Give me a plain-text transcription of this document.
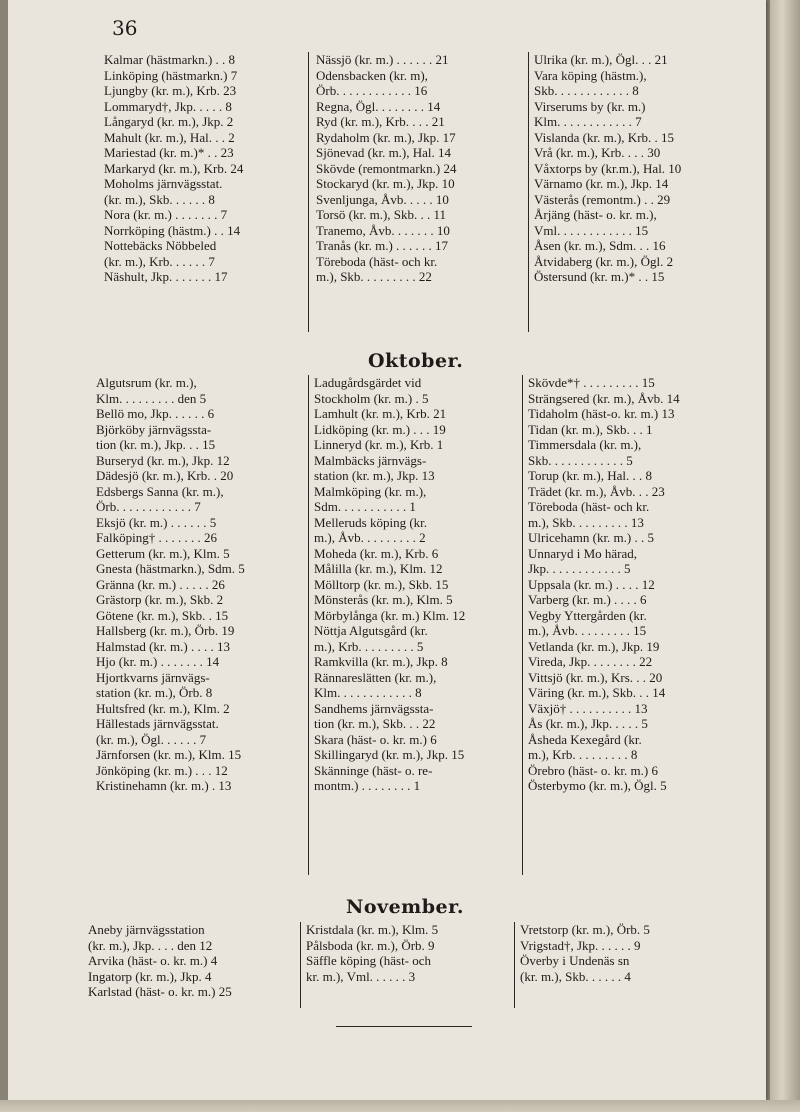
36
Kalmar (hästmarkn.) . . 8
Linköping (hästmarkn.) 7
Ljungby (kr. m.), Krb. 23
Lommaryd†, Jkp. . . . . 8
Långaryd (kr. m.), Jkp. 2
Mahult (kr. m.), Hal. . . 2
Mariestad (kr. m.)* . . 23
Markaryd (kr. m.), Krb. 24
Moholms järnvägsstat.
(kr. m.), Skb. . . . . . 8
Nora (kr. m.) . . . . . . . 7
Norrköping (hästm.) . . 14
Nottebäcks Nöbbeled
(kr. m.), Krb. . . . . . 7
Näshult, Jkp. . . . . . . 17
Nässjö (kr. m.) . . . . . . 21
Odensbacken (kr. m),
Örb. . . . . . . . . . . . 16
Regna, Ögl. . . . . . . . 14
Ryd (kr. m.), Krb. . . . 21
Rydaholm (kr. m.), Jkp. 17
Sjönevad (kr. m.), Hal. 14
Skövde (remontmarkn.) 24
Stockaryd (kr. m.), Jkp. 10
Svenljunga, Åvb. . . . . 10
Torsö (kr. m.), Skb. . . 11
Tranemo, Åvb. . . . . . . 10
Tranås (kr. m.) . . . . . . 17
Töreboda (häst- och kr.
m.), Skb. . . . . . . . . 22
Ulrika (kr. m.), Ögl. . . 21
Vara köping (hästm.),
Skb. . . . . . . . . . . . 8
Virserums by (kr. m.)
Klm. . . . . . . . . . . . 7
Vislanda (kr. m.), Krb. . 15
Vrå (kr. m.), Krb. . . . 30
Våxtorps by (kr.m.), Hal. 10
Värnamo (kr. m.), Jkp. 14
Västerås (remontm.) . . 29
Årjäng (häst- o. kr. m.),
Vml. . . . . . . . . . . . 15
Åsen (kr. m.), Sdm. . . 16
Åtvidaberg (kr. m.), Ögl. 2
Östersund (kr. m.)* . . 15
Oktober.
Algutsrum (kr. m.),
Klm. . . . . . . . . den 5
Bellö mo, Jkp. . . . . . 6
Björköby järnvägssta-
tion (kr. m.), Jkp. . . 15
Burseryd (kr. m.), Jkp. 12
Dädesjö (kr. m.), Krb. . 20
Edsbergs Sanna (kr. m.),
Örb. . . . . . . . . . . . 7
Eksjö (kr. m.) . . . . . . 5
Falköping† . . . . . . . 26
Getterum (kr. m.), Klm. 5
Gnesta (hästmarkn.), Sdm. 5
Gränna (kr. m.) . . . . . 26
Grästorp (kr. m.), Skb. 2
Götene (kr. m.), Skb. . 15
Hallsberg (kr. m.), Örb. 19
Halmstad (kr. m.) . . . . 13
Hjo (kr. m.) . . . . . . . 14
Hjortkvarns järnvägs-
station (kr. m.), Örb. 8
Hultsfred (kr. m.), Klm. 2
Hällestads järnvägsstat.
(kr. m.), Ögl. . . . . . 7
Järnforsen (kr. m.), Klm. 15
Jönköping (kr. m.) . . . 12
Kristinehamn (kr. m.) . 13
Ladugårdsgärdet vid
Stockholm (kr. m.) . 5
Lamhult (kr. m.), Krb. 21
Lidköping (kr. m.) . . . 19
Linneryd (kr. m.), Krb. 1
Malmbäcks järnvägs-
station (kr. m.), Jkp. 13
Malmköping (kr. m.),
Sdm. . . . . . . . . . . 1
Melleruds köping (kr.
m.), Åvb. . . . . . . . . 2
Moheda (kr. m.), Krb. 6
Målilla (kr. m.), Klm. 12
Mölltorp (kr. m.), Skb. 15
Mönsterås (kr. m.), Klm. 5
Mörbylånga (kr. m.) Klm. 12
Nöttja Algutsgård (kr.
m.), Krb. . . . . . . . . 5
Ramkvilla (kr. m.), Jkp. 8
Rännareslätten (kr. m.),
Klm. . . . . . . . . . . . 8
Sandhems järnvägssta-
tion (kr. m.), Skb. . . 22
Skara (häst- o. kr. m.) 6
Skillingaryd (kr. m.), Jkp. 15
Skänninge (häst- o. re-
montm.) . . . . . . . . 1
Skövde*† . . . . . . . . . 15
Strängsered (kr. m.), Åvb. 14
Tidaholm (häst-o. kr. m.) 13
Tidan (kr. m.), Skb. . . 1
Timmersdala (kr. m.),
Skb. . . . . . . . . . . . 5
Torup (kr. m.), Hal. . . 8
Trädet (kr. m.), Åvb. . . 23
Töreboda (häst- och kr.
m.), Skb. . . . . . . . . 13
Ulricehamn (kr. m.) . . 5
Unnaryd i Mo härad,
Jkp. . . . . . . . . . . . 5
Uppsala (kr. m.) . . . . 12
Varberg (kr. m.) . . . . 6
Vegby Yttergården (kr.
m.), Åvb. . . . . . . . . 15
Vetlanda (kr. m.), Jkp. 19
Vireda, Jkp. . . . . . . . 22
Vittsjö (kr. m.), Krs. . . 20
Väring (kr. m.), Skb. . . 14
Växjö† . . . . . . . . . . 13
Ås (kr. m.), Jkp. . . . . 5
Åsheda Kexegård (kr.
m.), Krb. . . . . . . . . 8
Örebro (häst- o. kr. m.) 6
Österbymo (kr. m.), Ögl. 5
November.
Aneby järnvägsstation
(kr. m.), Jkp. . . . den 12
Arvika (häst- o. kr. m.) 4
Ingatorp (kr. m.), Jkp. 4
Karlstad (häst- o. kr. m.) 25
Kristdala (kr. m.), Klm. 5
Pålsboda (kr. m.), Örb. 9
Säffle köping (häst- och
kr. m.), Vml. . . . . . 3
Vretstorp (kr. m.), Örb. 5
Vrigstad†, Jkp. . . . . . 9
Överby i Undenäs sn
(kr. m.), Skb. . . . . . 4
